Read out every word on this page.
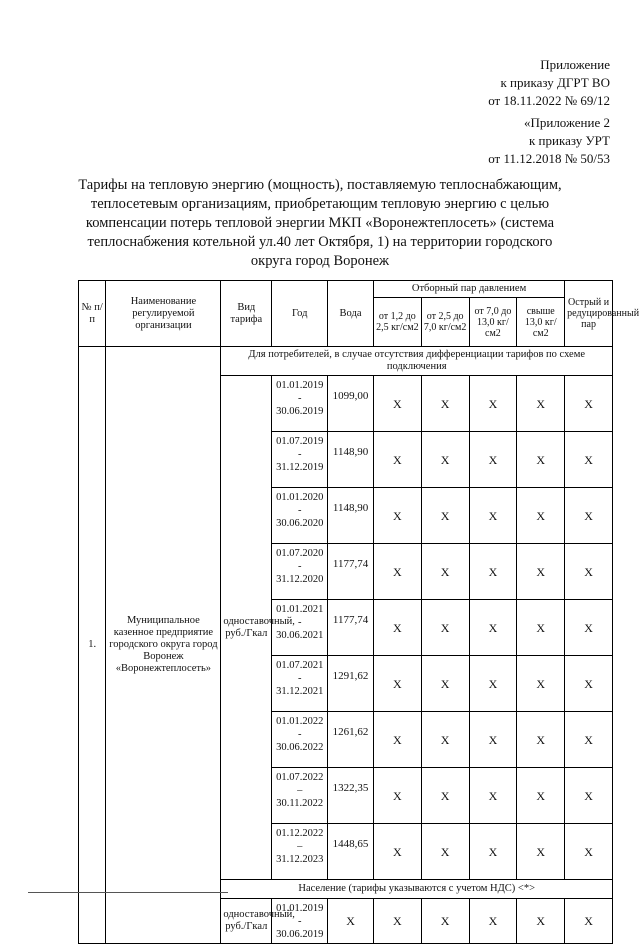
Приложение
к приказу ДГРТ ВО
от 18.11.2022 № 69/12
«Приложение 2
к приказу УРТ
от 11.12.2018 № 50/53
Тарифы на тепловую энергию (мощность), поставляемую теплоснабжающим, теплосетевым организациям, приобретающим тепловую энергию с целью компенсации потерь тепловой энергии МКП «Воронежтеплосеть» (система теплоснабжения котельной ул.40 лет Октября, 1) на территории городского округа город Воронеж
№ п/п	Наименование регулируемой организации	Вид тарифа	Год	Вода	Отборный пар давлением				Острый и редуцированный пар
					от 1,2 до 2,5 кг/см2	от 2,5 до 7,0 кг/см2	от 7,0 до 13,0 кг/см2	свыше 13,0 кг/см2	
1.	Муниципальное казенное предприятие городского округа город Воронеж «Воронежтеплосеть»	Для потребителей, в случае отсутствия дифференциации тарифов по схеме подключения							
		одноставочный, руб./Гкал	01.01.2019
-
30.06.2019	1099,00	X	X	X	X	X

			01.07.2019
-
31.12.2019	1148,90	X	X	X	X	X

			01.01.2020
-
30.06.2020	1148,90	X	X	X	X	X

			01.07.2020
-
31.12.2020	1177,74	X	X	X	X	X

			01.01.2021
-
30.06.2021	1177,74	X	X	X	X	X

			01.07.2021
-
31.12.2021	1291,62	X	X	X	X	X

			01.01.2022
-
30.06.2022	1261,62	X	X	X	X	X

			01.07.2022
–
30.11.2022	1322,35	X	X	X	X	X

			01.12.2022
–
31.12.2023	1448,65	X	X	X	X	X
		Население (тарифы указываются с учетом НДС) <*>							
		одноставочный, руб./Гкал	01.01.2019
-
30.06.2019	X	X	X	X	X	X
